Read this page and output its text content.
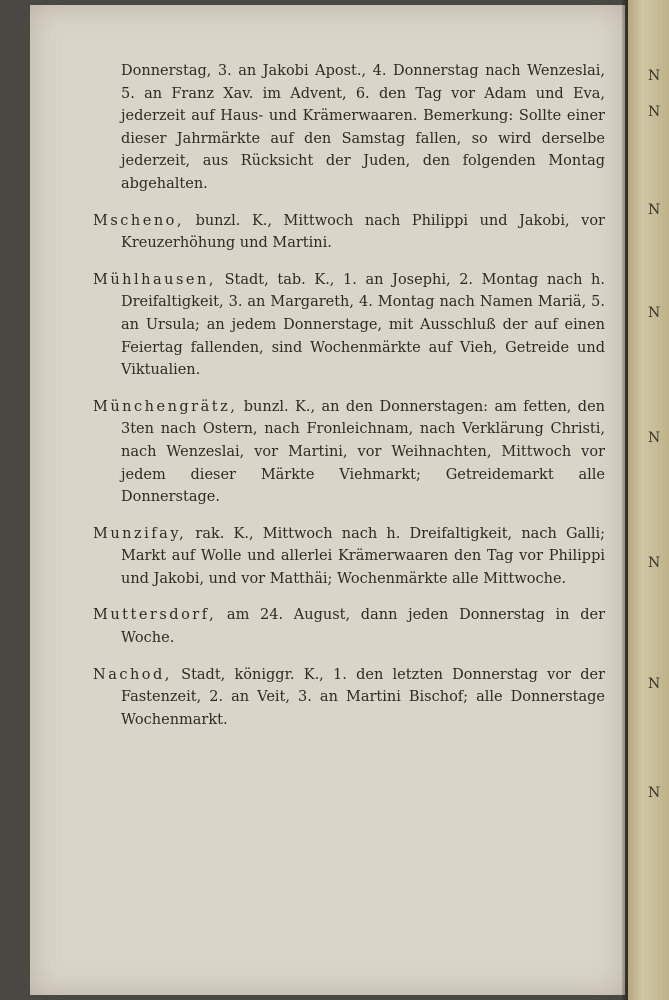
N
N
N
N
N
N
N
N

Donnerstag, 3. an Jakobi Apost., 4. Donnerstag nach Wenzeslai, 5. an Franz Xav. im Advent, 6. den Tag vor Adam und Eva, jederzeit auf Haus- und Krämerwaaren. Bemerkung: Sollte einer dieser Jahrmärkte auf den Samstag fallen, so wird derselbe jederzeit, aus Rücksicht der Juden, den folgenden Montag abgehalten.

Mscheno, bunzl. K., Mittwoch nach Philippi und Jakobi, vor Kreuzerhöhung und Martini.

Mühlhausen, Stadt, tab. K., 1. an Josephi, 2. Montag nach h. Dreifaltigkeit, 3. an Margareth, 4. Montag nach Namen Mariä, 5. an Ursula; an jedem Donnerstage, mit Ausschluß der auf einen Feiertag fallenden, sind Wochenmärkte auf Vieh, Getreide und Viktualien.

Münchengrätz, bunzl. K., an den Donnerstagen: am fetten, den 3ten nach Ostern, nach Fronleichnam, nach Verklärung Christi, nach Wenzeslai, vor Martini, vor Weihnachten, Mittwoch vor jedem dieser Märkte Viehmarkt; Getreidemarkt alle Donnerstage.

Munzifay, rak. K., Mittwoch nach h. Dreifaltigkeit, nach Galli; Markt auf Wolle und allerlei Krämerwaaren den Tag vor Philippi und Jakobi, und vor Matthäi; Wochenmärkte alle Mittwoche.

Muttersdorf, am 24. August, dann jeden Donnerstag in der Woche.

Nachod, Stadt, königgr. K., 1. den letzten Donnerstag vor der Fastenzeit, 2. an Veit, 3. an Martini Bischof; alle Donnerstage Wochenmarkt.
